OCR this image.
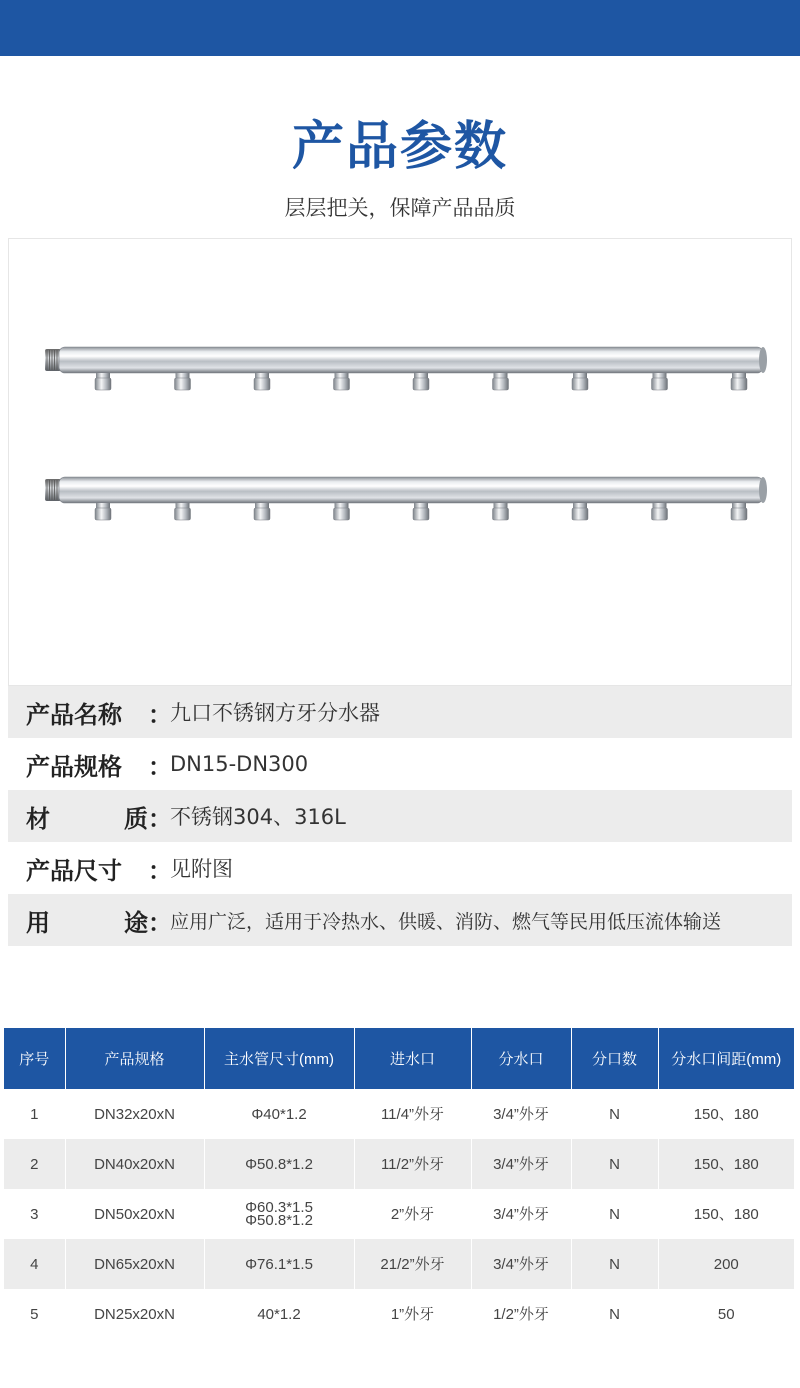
产品参数
层层把关，保障产品品质
产品名称	：
九口不锈钢方牙分水器
产品规格	：
DN15-DN300
材	质 ：
不锈钢304、316L
产品尺寸	：
见附图
用	途 ：
应用广泛，适用于冷热水、供暖、消防、燃气等民用低压流体输送
序号	产品规格	主水管尺寸(mm)	进水口	分水口	分口数	分水口间距(mm)
1	DN32x20xN	Φ40*1.2	11/4”外牙	3/4”外牙	N	150、180
2	DN40x20xN	Φ50.8*1.2	11/2”外牙	3/4”外牙	N	150、180
3	DN50x20xN	Φ60.3*1.5
Φ50.8*1.2	2”外牙	3/4”外牙	N	150、180
4	DN65x20xN	Φ76.1*1.5	21/2”外牙	3/4”外牙	N	200
5	DN25x20xN	40*1.2	1”外牙	1/2”外牙	N	50
